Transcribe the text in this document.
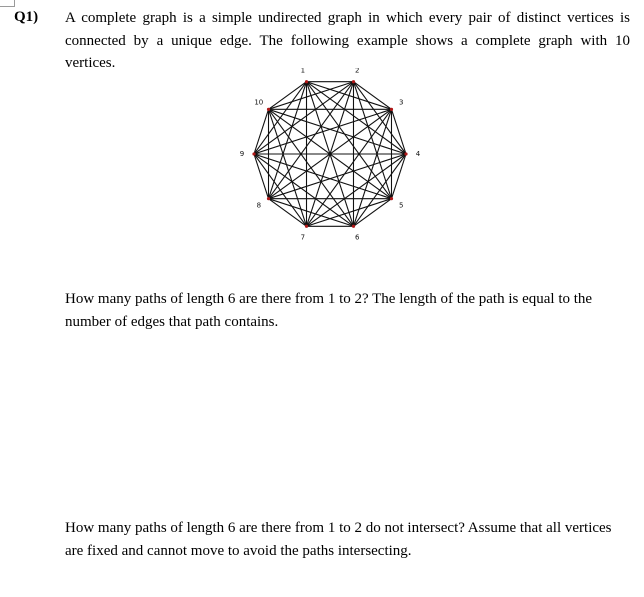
Q1) A complete graph is a simple undirected graph in which every pair of distinct vertices is connected by a unique edge. The following example shows a complete graph with 10 vertices.	1	2
3
4
5
6
7
8
9
10

How many paths of length 6 are there from 1 to 2? The length of the path is equal to the number of edges that path contains.

How many paths of length 6 are there from 1 to 2 do not intersect? Assume that all vertices are fixed and cannot move to avoid the paths intersecting.
